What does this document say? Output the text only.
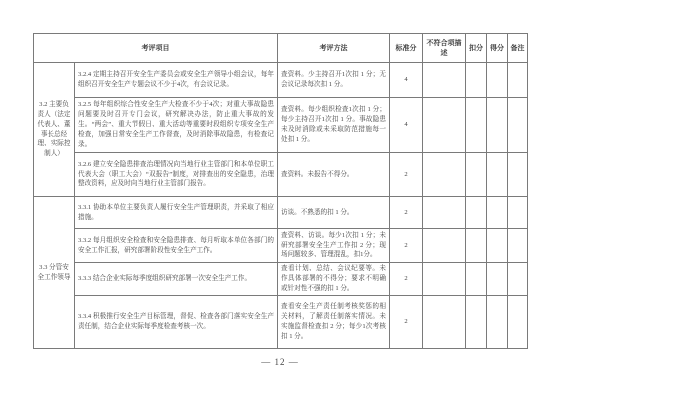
考评项目		考评方法	标准分	不符合项描述	扣分	得分	备注
3.2 主要负责人（法定代表人、董事长总经理、实际控制人）	3.2.4 定期主持召开安全生产委员会或安全生产领导小组会议，每年组织召开安全生产专题会议不少于4次，有会议记录。	查资料。少主持召开1次扣 1 分；无会议记录每次扣 1 分。	4				
	3.2.5 每年组织综合性安全生产大检查不少于4次；对重大事故隐患问题要及时召开专门会议，研究解决办法，防止重大事故的发生。“两会”、重大节假日、重大活动等重要时段组织专项安全生产检查，加强日常安全生产工作督查，及时消除事故隐患，有检查记录。	查资料。每少组织检查1次扣 1 分；每少主持召开1次扣 1 分。事故隐患未及时消除或未采取防范措施每一处扣 1 分。	4				
	3.2.6 建立安全隐患排查治理情况向当地行业主管部门和本单位职工代表大会（职工大会）“双报告”制度，对排查出的安全隐患，治理整改资料，应及时向当地行业主管部门报告。	查资料。未报告不得分。	2				
3.3 分管安全工作领导	3.3.1 协助本单位主要负责人履行安全生产管理职责，并采取了相应措施。	访谈。不熟悉的扣 1 分。	2				
	3.3.2 每月组织安全检查和安全隐患排查、每月听取本单位各部门的安全工作汇报，研究部署阶段性安全生产工作。	查资料、访谈。每少1次扣 1 分；未研究部署安全生产工作扣 2 分；现场问题较多、管理混乱，扣1分。	2				
	3.3.3 结合企业实际每季度组织研究部署一次安全生产工作。	查看计划、总结、会议纪要等。未作具体部署的不得分；要求不明确或针对性不强的扣 1 分。	2				
	3.3.4 积极推行安全生产目标管理，督促、检查各部门落实安全生产责任制，结合企业实际每季度检查考核一次。	查看安全生产责任制考核奖惩的相关材料，了解责任制落实情况。未实施监督检查扣 2 分；每少1次考核扣 1 分。	2				
— 12 —
